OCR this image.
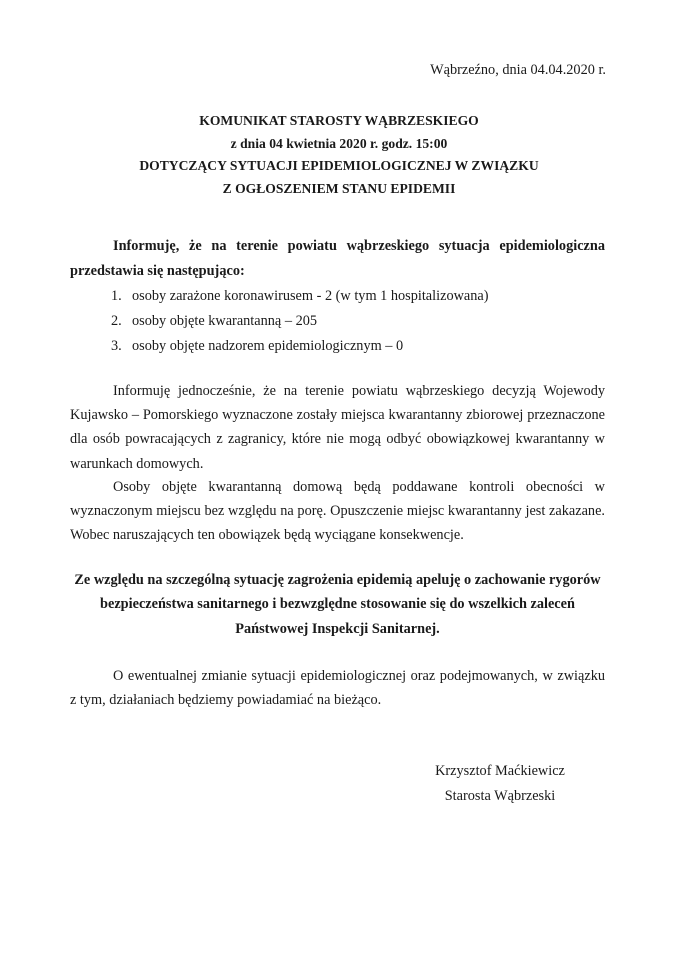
Wąbrzeźno, dnia 04.04.2020 r.

KOMUNIKAT STAROSTY WĄBRZESKIEGO
z dnia 04 kwietnia 2020 r. godz. 15:00
DOTYCZĄCY SYTUACJI EPIDEMIOLOGICZNEJ W ZWIĄZKU
Z OGŁOSZENIEM STANU EPIDEMII

Informuję, że na terenie powiatu wąbrzeskiego sytuacja epidemiologiczna przedstawia się następująco:

1. osoby zarażone koronawirusem - 2 (w tym 1 hospitalizowana)
2. osoby objęte kwarantanną – 205
3. osoby objęte nadzorem epidemiologicznym – 0

Informuję jednocześnie, że na terenie powiatu wąbrzeskiego decyzją Wojewody Kujawsko – Pomorskiego wyznaczone zostały miejsca kwarantanny zbiorowej przeznaczone dla osób powracających z zagranicy, które nie mogą odbyć obowiązkowej kwarantanny w warunkach domowych.

Osoby objęte kwarantanną domową będą poddawane kontroli obecności w wyznaczonym miejscu bez względu na porę. Opuszczenie miejsc kwarantanny jest zakazane. Wobec naruszających ten obowiązek będą wyciągane konsekwencje.

Ze względu na szczególną sytuację zagrożenia epidemią apeluję o zachowanie rygorów bezpieczeństwa sanitarnego i bezwzględne stosowanie się do wszelkich zaleceń Państwowej Inspekcji Sanitarnej.

O ewentualnej zmianie sytuacji epidemiologicznej oraz podejmowanych, w związku z tym, działaniach będziemy powiadamiać na bieżąco.

Krzysztof Maćkiewicz
Starosta Wąbrzeski
